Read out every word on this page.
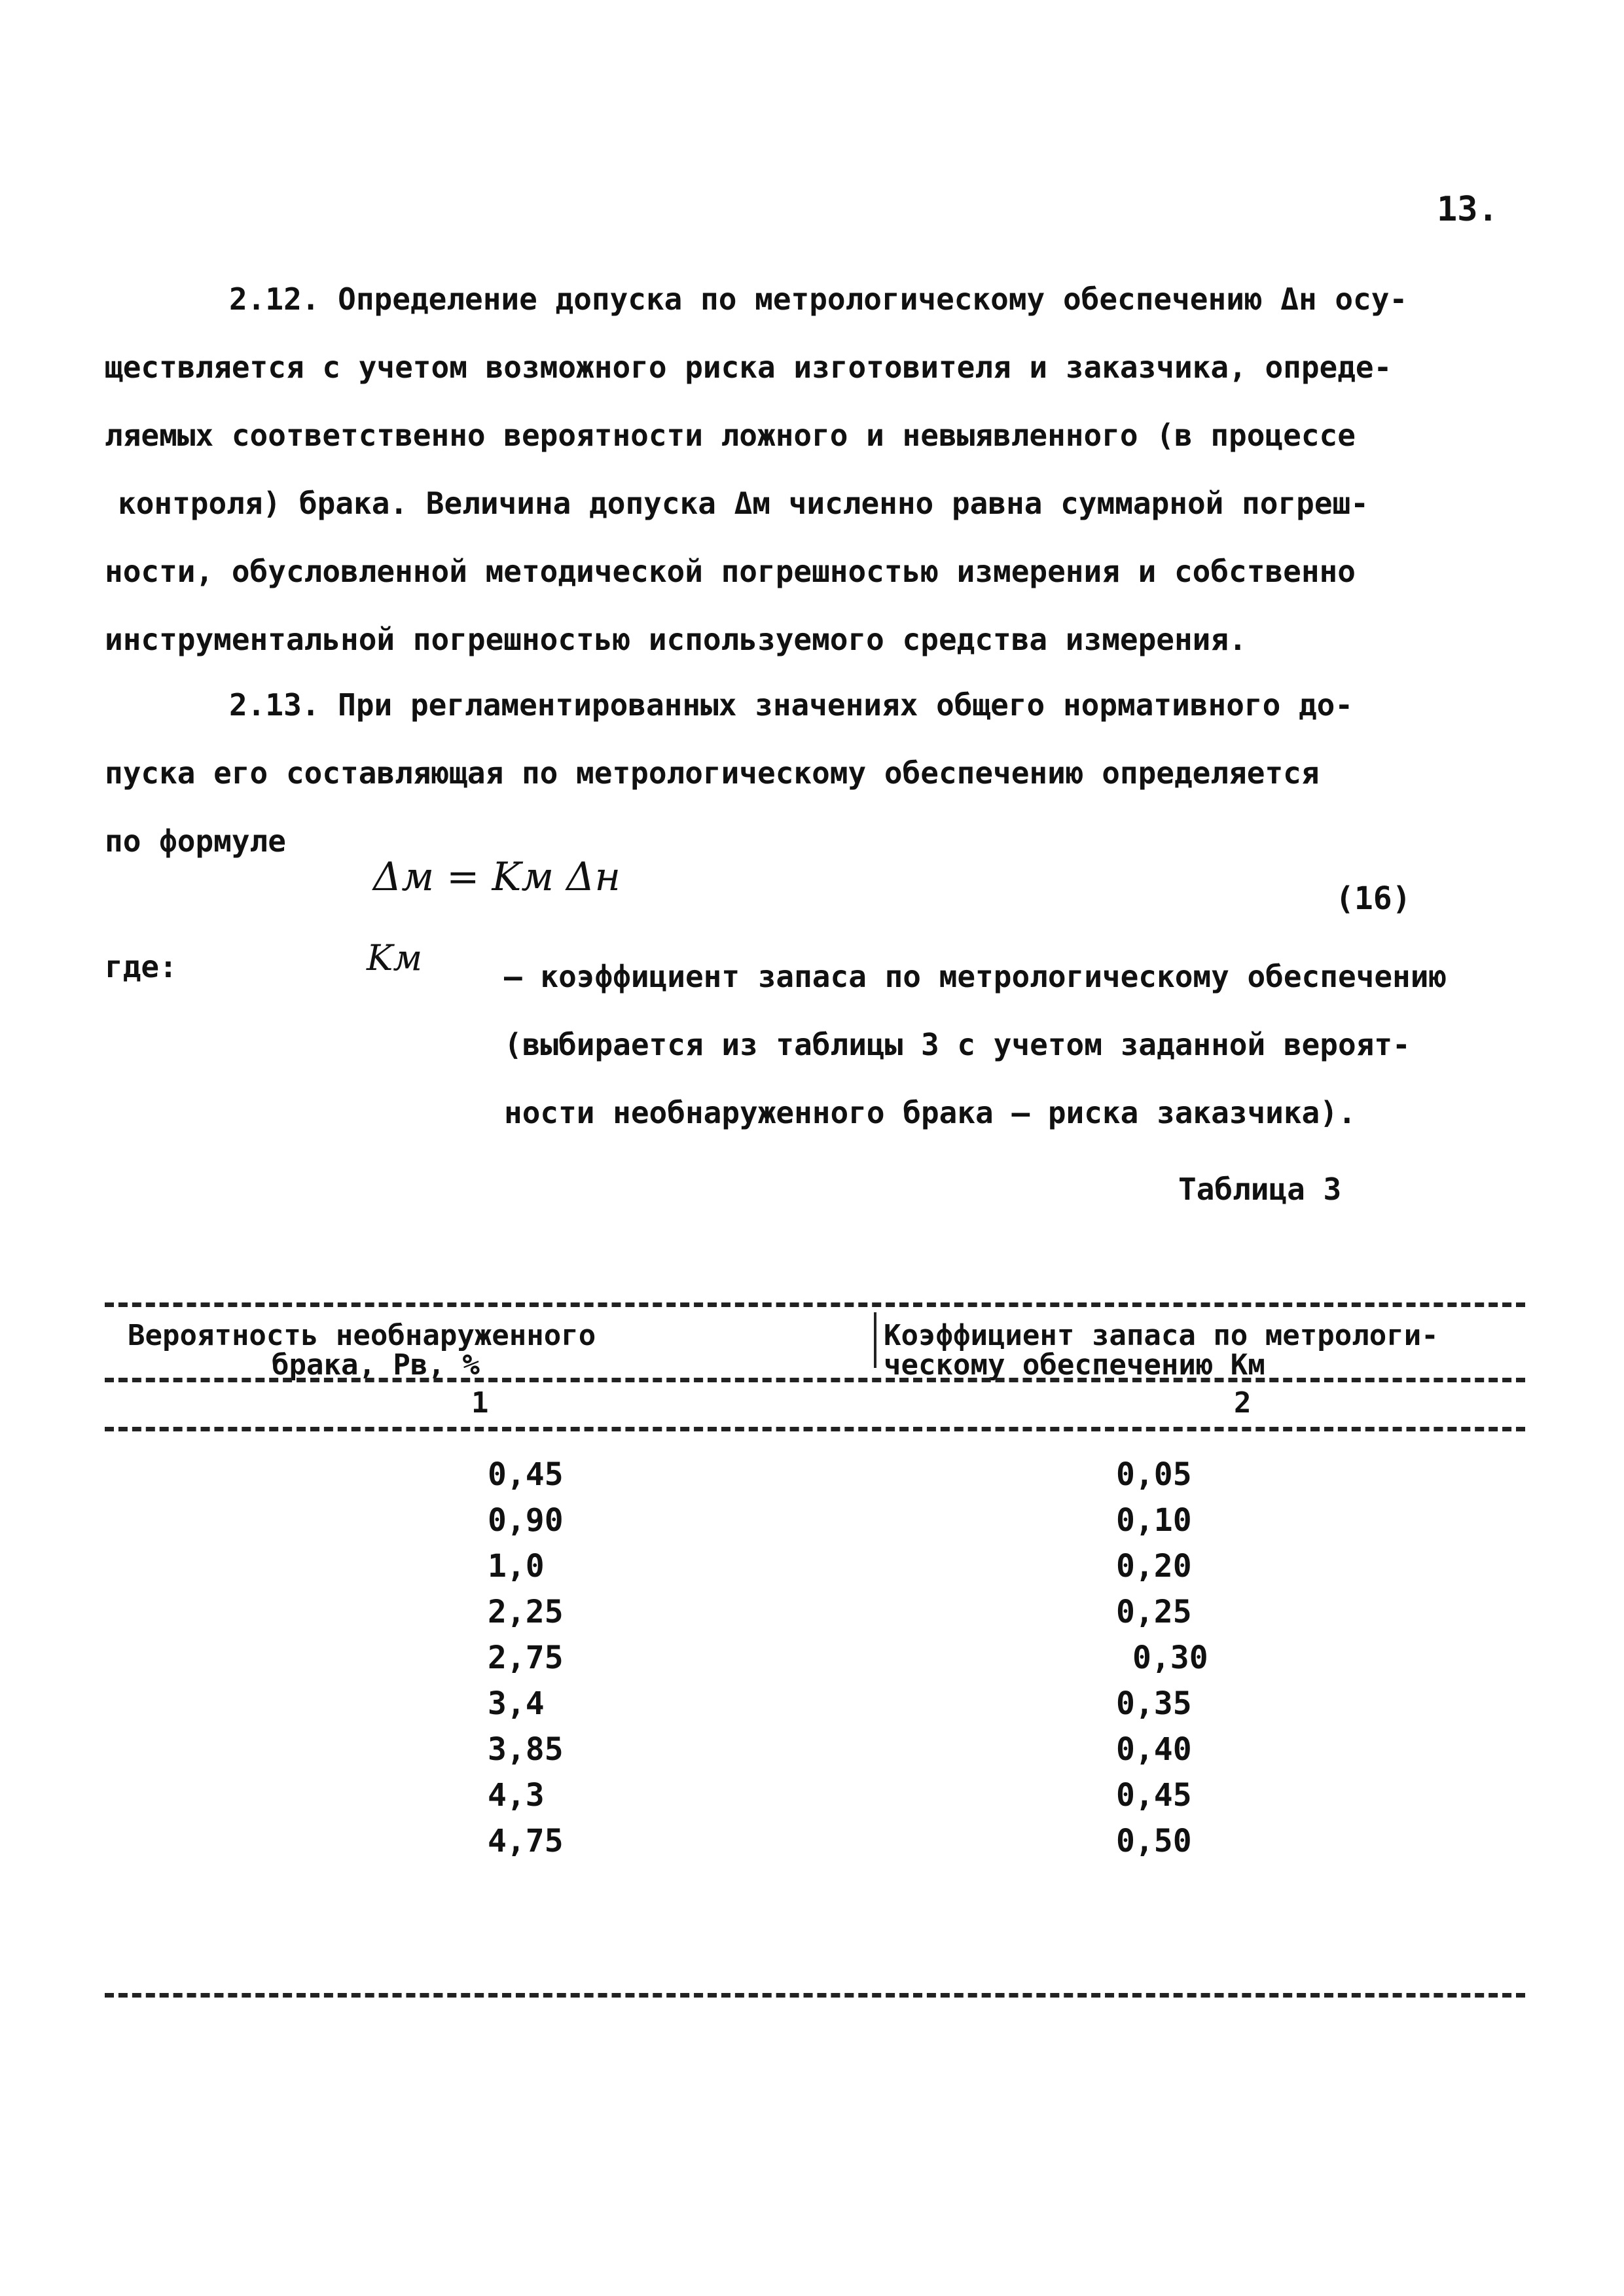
13.
2.12. Определение допуска по метрологическому обеспечению Δн осу-
ществляется с учетом возможного риска изготовителя и заказчика, опреде-
ляемых соответственно вероятности ложного и невыявленного (в процессе
контроля) брака. Величина допуска Δм численно равна суммарной погреш-
ности, обусловленной методической погрешностью измерения и собственно
инструментальной погрешностью используемого средства измерения.
2.13. При регламентированных значениях общего нормативного до-
пуска его составляющая по метрологическому обеспечению определяется
по формуле
Δм = Kм Δн	(16)
где:	Kм	– коэффициент запаса по метрологическому обеспечению
(выбирается из таблицы 3 с учетом заданной вероят-
ности необнаруженного брака – риска заказчика).
Таблица 3
Вероятность необнаруженного
брака, Pв, %
Коэффициент запаса по метрологи-
ческому обеспечению Kм
1	2
0,45	0,05
0,90	0,10
1,0	0,20
2,25	0,25
2,75	0,30
3,4	0,35
3,85	0,40
4,3	0,45
4,75	0,50
